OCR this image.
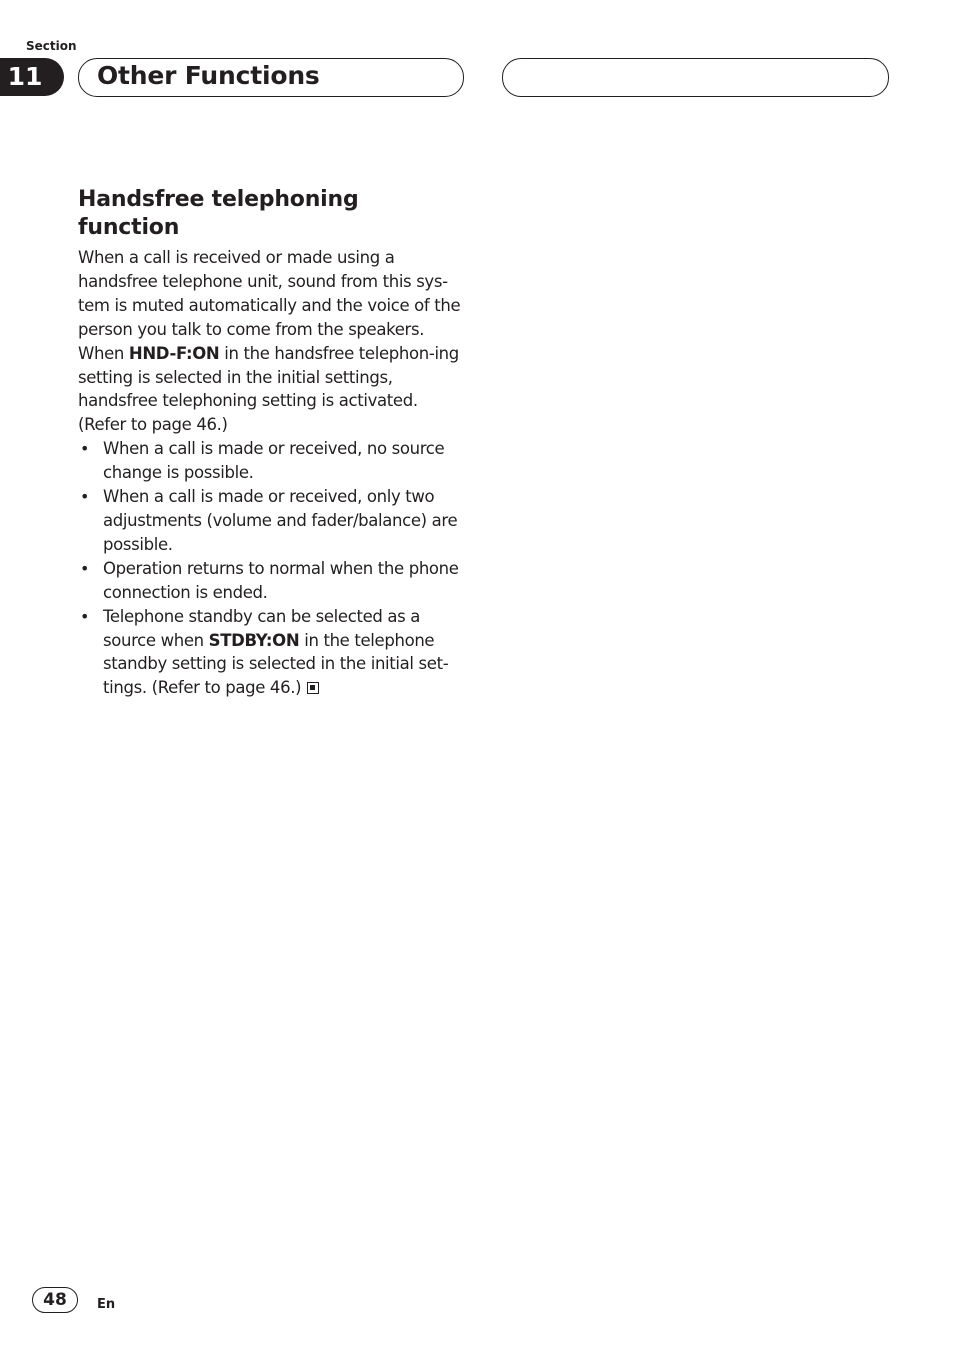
Section
11	Other Functions
Handsfree telephoning
function

When a call is received or made using a handsfree telephone unit, sound from this sys-tem is muted automatically and the voice of the person you talk to come from the speakers. When HND-F:ON in the handsfree telephon-ing setting is selected in the initial settings, handsfree telephoning setting is activated. (Refer to page 46.)

• When a call is made or received, no source change is possible.
• When a call is made or received, only two adjustments (volume and fader/balance) are possible.
• Operation returns to normal when the phone connection is ended.
• Telephone standby can be selected as a source when STDBY:ON in the telephone standby setting is selected in the initial set-tings. (Refer to page 46.)
48	En
